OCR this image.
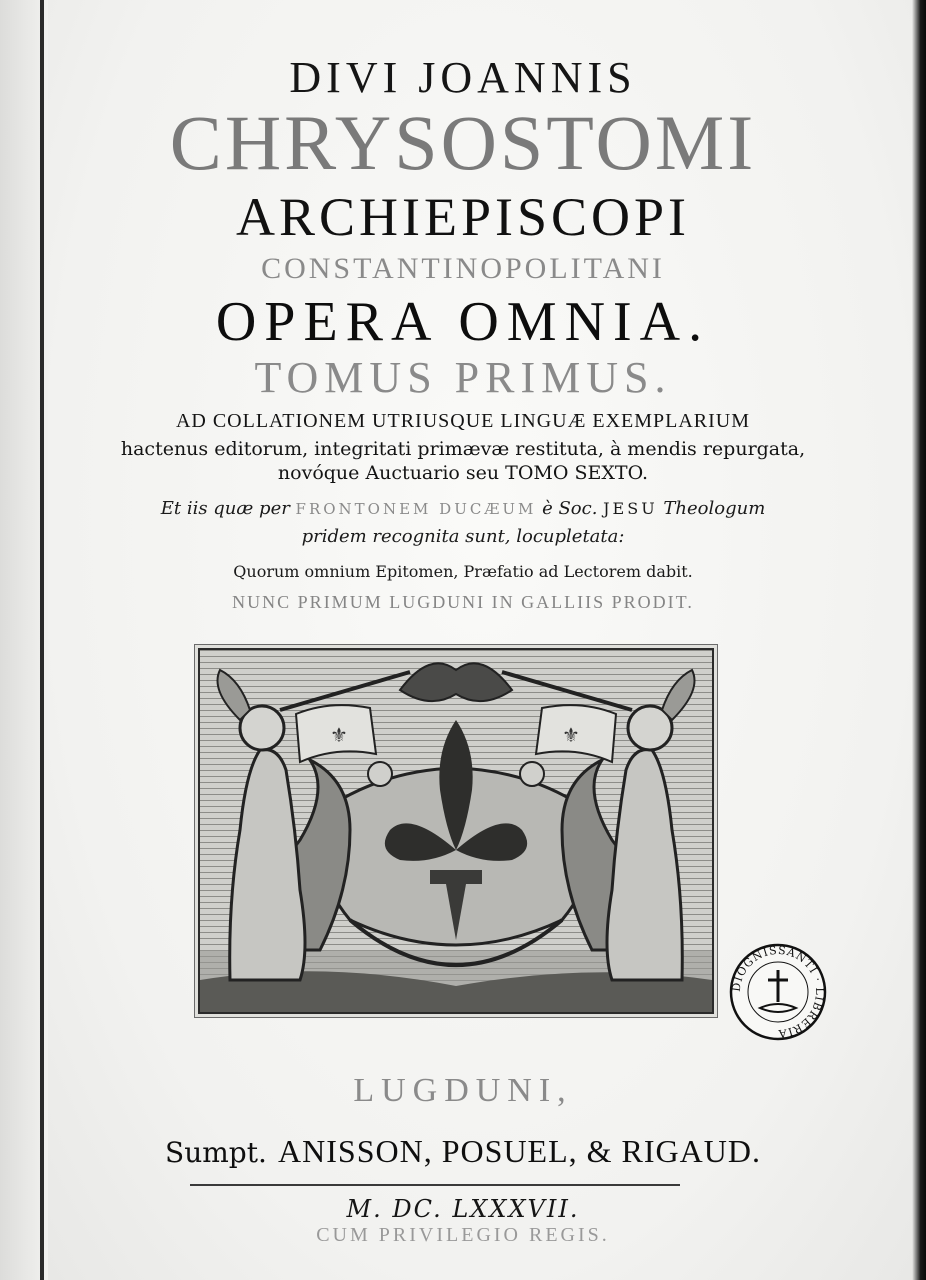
DIVI JOANNIS
CHRYSOSTOMI
ARCHIEPISCOPI
CONSTANTINOPOLITANI
OPERA OMNIA.
TOMUS PRIMUS.
AD COLLATIONEM UTRIUSQUE LINGUÆ EXEMPLARIUM
hactenus editorum, integritati primævæ restituta, à mendis repurgata,
novóque Auctuario seu TOMO SEXTO.
Et iis quæ per FRONTONEM DUCÆUM è Soc. JESU Theologum
pridem recognita sunt, locupletata:
Quorum omnium Epitomen, Præfatio ad Lectorem dabit.
NUNC PRIMUM LUGDUNI IN GALLIIS PRODIT.
⚜	⚜
DIOGNISSANTI · LIBRERIA
LUGDUNI,
Sumpt. ANISSON, POSUEL, & RIGAUD.
M. DC. LXXXVII.
CUM PRIVILEGIO REGIS.
